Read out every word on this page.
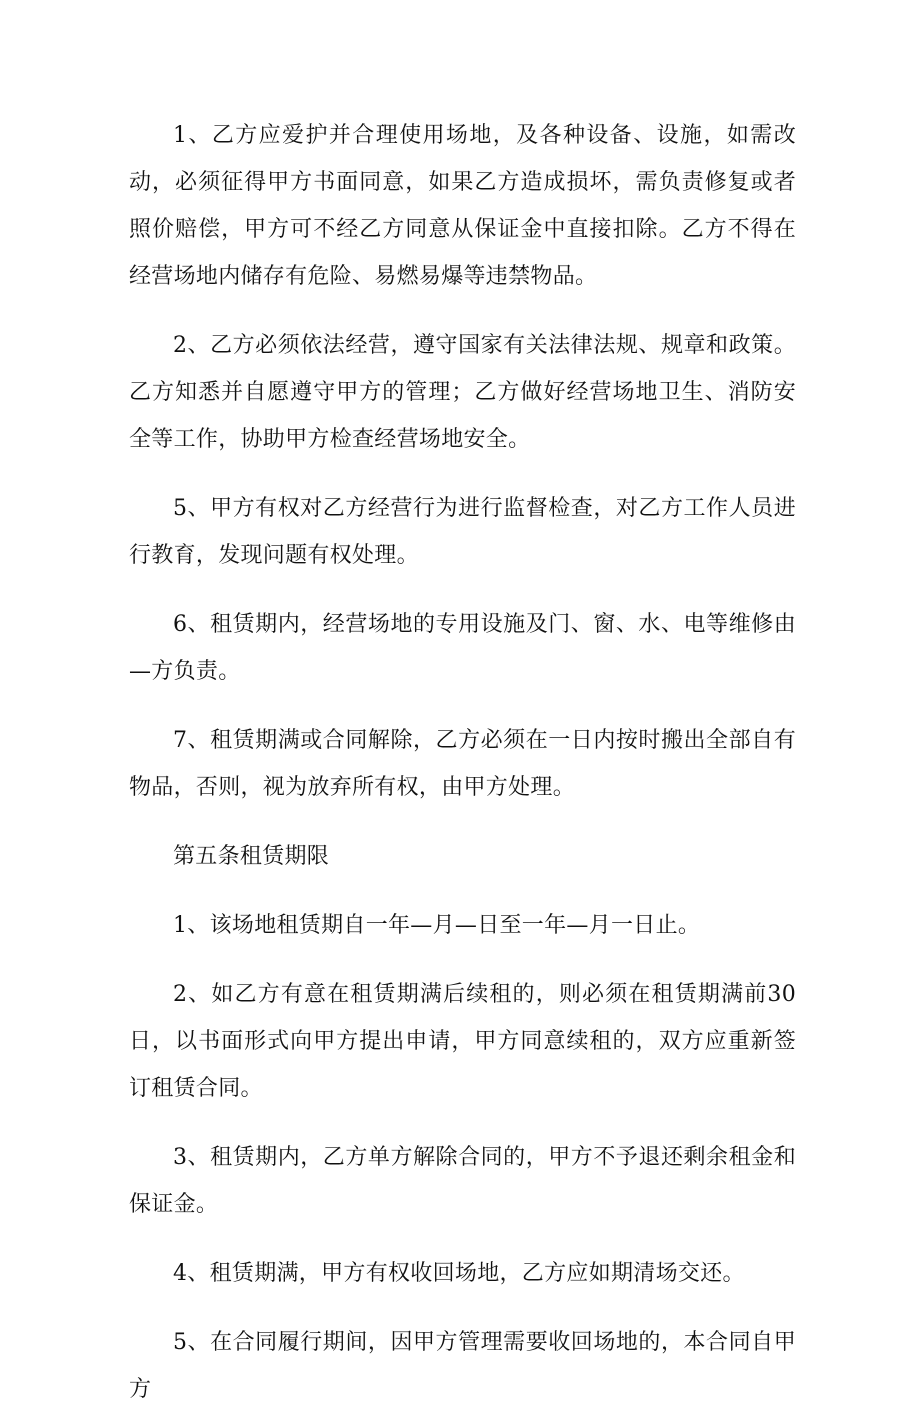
1、乙方应爱护并合理使用场地，及各种设备、设施，如需改动，必须征得甲方书面同意，如果乙方造成损坏，需负责修复或者照价赔偿，甲方可不经乙方同意从保证金中直接扣除。乙方不得在经营场地内储存有危险、易燃易爆等违禁物品。

2、乙方必须依法经营，遵守国家有关法律法规、规章和政策。乙方知悉并自愿遵守甲方的管理；乙方做好经营场地卫生、消防安全等工作，协助甲方检查经营场地安全。

5、甲方有权对乙方经营行为进行监督检查，对乙方工作人员进行教育，发现问题有权处理。

6、租赁期内，经营场地的专用设施及门、窗、水、电等维修由—方负责。

7、租赁期满或合同解除，乙方必须在一日内按时搬出全部自有物品，否则，视为放弃所有权，由甲方处理。

第五条租赁期限

1、该场地租赁期自一年—月—日至一年—月一日止。

2、如乙方有意在租赁期满后续租的，则必须在租赁期满前30日，以书面形式向甲方提出申请，甲方同意续租的，双方应重新签订租赁合同。

3、租赁期内，乙方单方解除合同的，甲方不予退还剩余租金和保证金。

4、租赁期满，甲方有权收回场地，乙方应如期清场交还。

5、在合同履行期间，因甲方管理需要收回场地的，本合同自甲方
